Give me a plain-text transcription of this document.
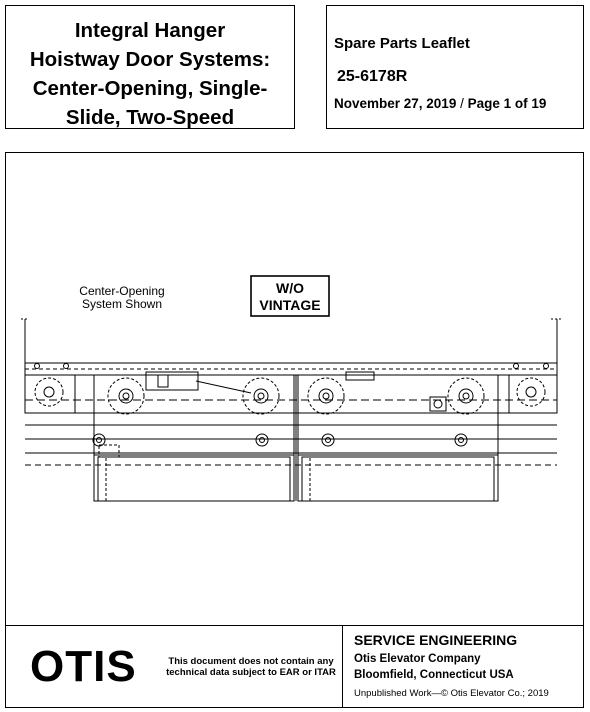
Integral Hanger
Hoistway Door Systems:
Center-Opening, Single-
Slide, Two-Speed
Spare Parts Leaflet
25-6178R
November 27, 2019 / Page 1 of 19
Center-Opening
System Shown
W/O
VINTAGE
OTIS	This document does not contain any
technical data subject to EAR or ITAR
SERVICE ENGINEERING
Otis Elevator Company
Bloomfield, Connecticut USA
Unpublished Work—© Otis Elevator Co.; 2019
